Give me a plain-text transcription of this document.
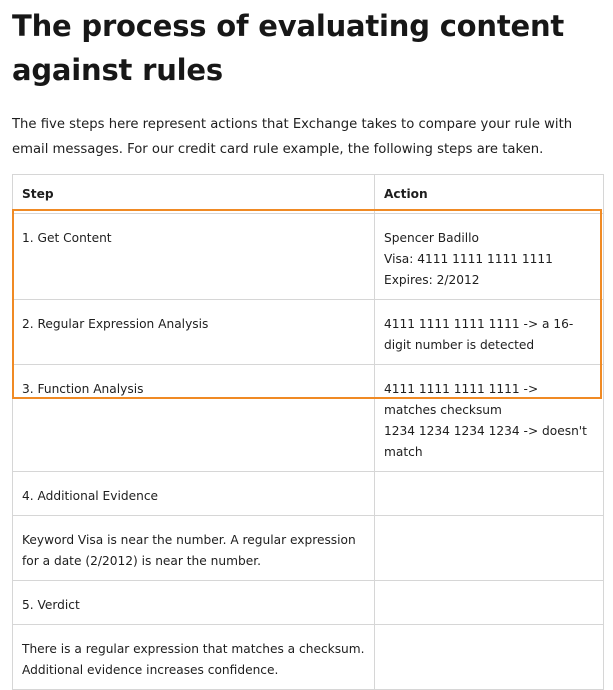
The process of evaluating content
against rules

The five steps here represent actions that Exchange takes to compare your rule with email messages. For our credit card rule example, the following steps are taken.

Step	Action
1. Get Content	Spencer Badillo
Visa: 4111 1111 1111 1111
Expires: 2/2012

2. Regular Expression Analysis	4111 1111 1111 1111 -> a 16-
digit number is detected

3. Function Analysis	4111 1111 1111 1111 ->
matches checksum
1234 1234 1234 1234 -> doesn't
match

4. Additional Evidence	

Keyword Visa is near the number. A regular expression
for a date (2/2012) is near the number.	

5. Verdict	

There is a regular expression that matches a checksum.
Additional evidence increases confidence.	
